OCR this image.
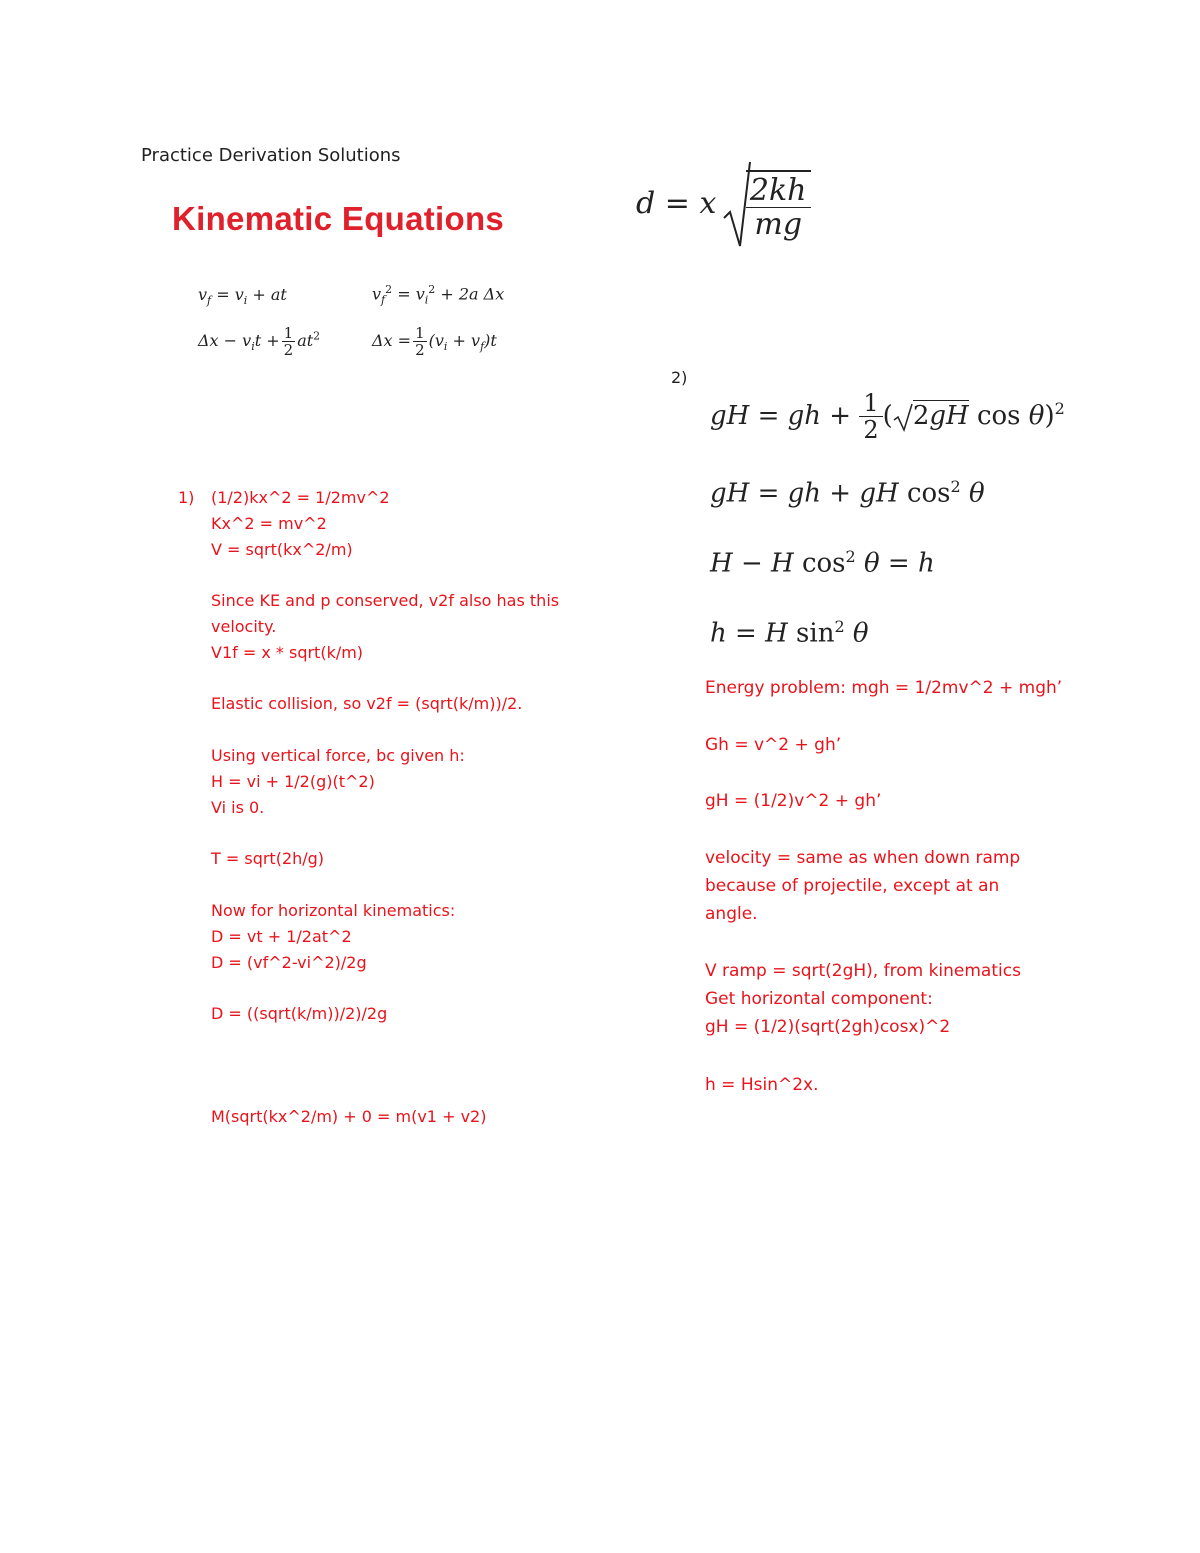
Practice Derivation Solutions
Kinematic Equations
$v_f = v_i$ + at	$v_f^2 = v_i^2 + 2a$ Δx
$\Delta x - v_it + \frac{1}{2} at^2$	$\Delta x = \frac{1}{2} (v_i + v_f)t$
d = x $\frac{2kh}{mg}$
2)
gH = gh + $\frac{1}{2}$ ( 2gH cos θ)$^2$
gH = gh + gH $\cos^2 \theta$
H − H $\cos^2 \theta = h$
h = H $\sin^2 \theta$
1) (1/2)kx^2 = 1/2mv^2
Kx^2 = mv^2
V = sqrt(kx^2/m)
Since KE and p conserved, v2f also has this
velocity.
V1f = x * sqrt(k/m)
Elastic collision, so v2f = (sqrt(k/m))/2.
Using vertical force, bc given h:
H = vi + 1/2(g)(t^2)
Vi is 0.
T = sqrt(2h/g)
Now for horizontal kinematics:
D = vt + 1/2at^2
D = (vf^2-vi^2)/2g
D = ((sqrt(k/m))/2)/2g
M(sqrt(kx^2/m) + 0 = m(v1 + v2)
Energy problem: mgh = 1/2mv^2 + mgh’
Gh = v^2 + gh’
gH = (1/2)v^2 + gh’
velocity = same as when down ramp
because of projectile, except at an
angle.
V ramp = sqrt(2gH), from kinematics
Get horizontal component:
gH = (1/2)(sqrt(2gh)cosx)^2
h = Hsin^2x.
